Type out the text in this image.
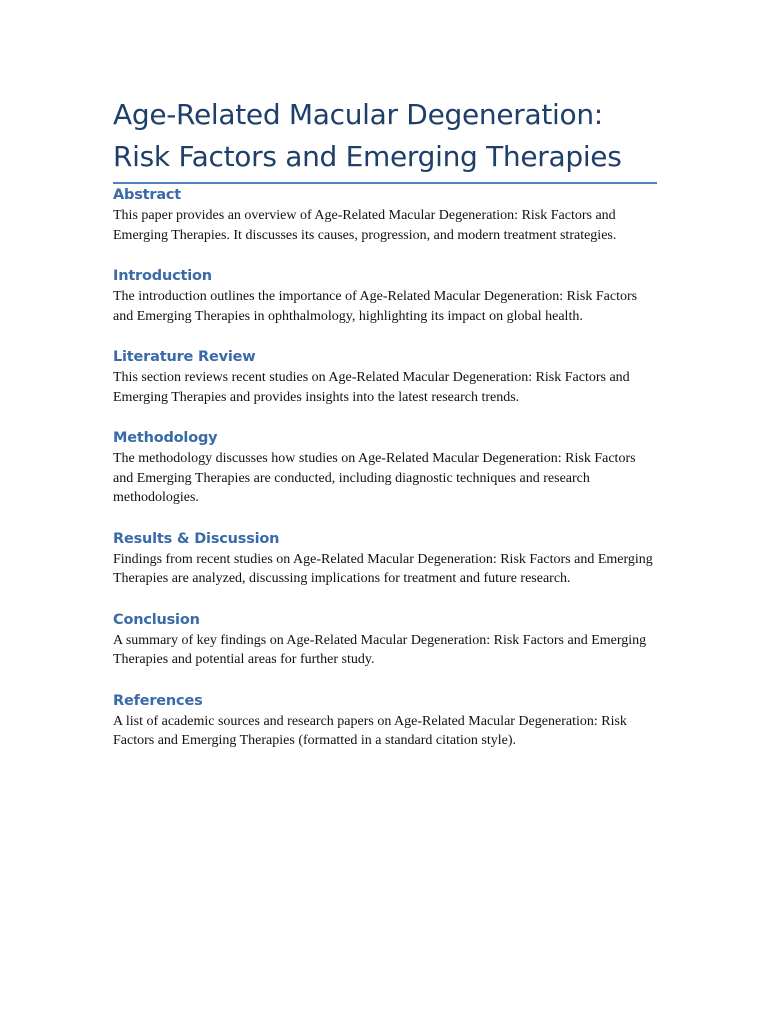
Age-Related Macular Degeneration: Risk Factors and Emerging Therapies
Abstract

This paper provides an overview of Age-Related Macular Degeneration: Risk Factors and Emerging Therapies. It discusses its causes, progression, and modern treatment strategies.

Introduction

The introduction outlines the importance of Age-Related Macular Degeneration: Risk Factors and Emerging Therapies in ophthalmology, highlighting its impact on global health.

Literature Review

This section reviews recent studies on Age-Related Macular Degeneration: Risk Factors and Emerging Therapies and provides insights into the latest research trends.

Methodology

The methodology discusses how studies on Age-Related Macular Degeneration: Risk Factors and Emerging Therapies are conducted, including diagnostic techniques and research methodologies.

Results & Discussion

Findings from recent studies on Age-Related Macular Degeneration: Risk Factors and Emerging Therapies are analyzed, discussing implications for treatment and future research.

Conclusion

A summary of key findings on Age-Related Macular Degeneration: Risk Factors and Emerging Therapies and potential areas for further study.

References

A list of academic sources and research papers on Age-Related Macular Degeneration: Risk Factors and Emerging Therapies (formatted in a standard citation style).
